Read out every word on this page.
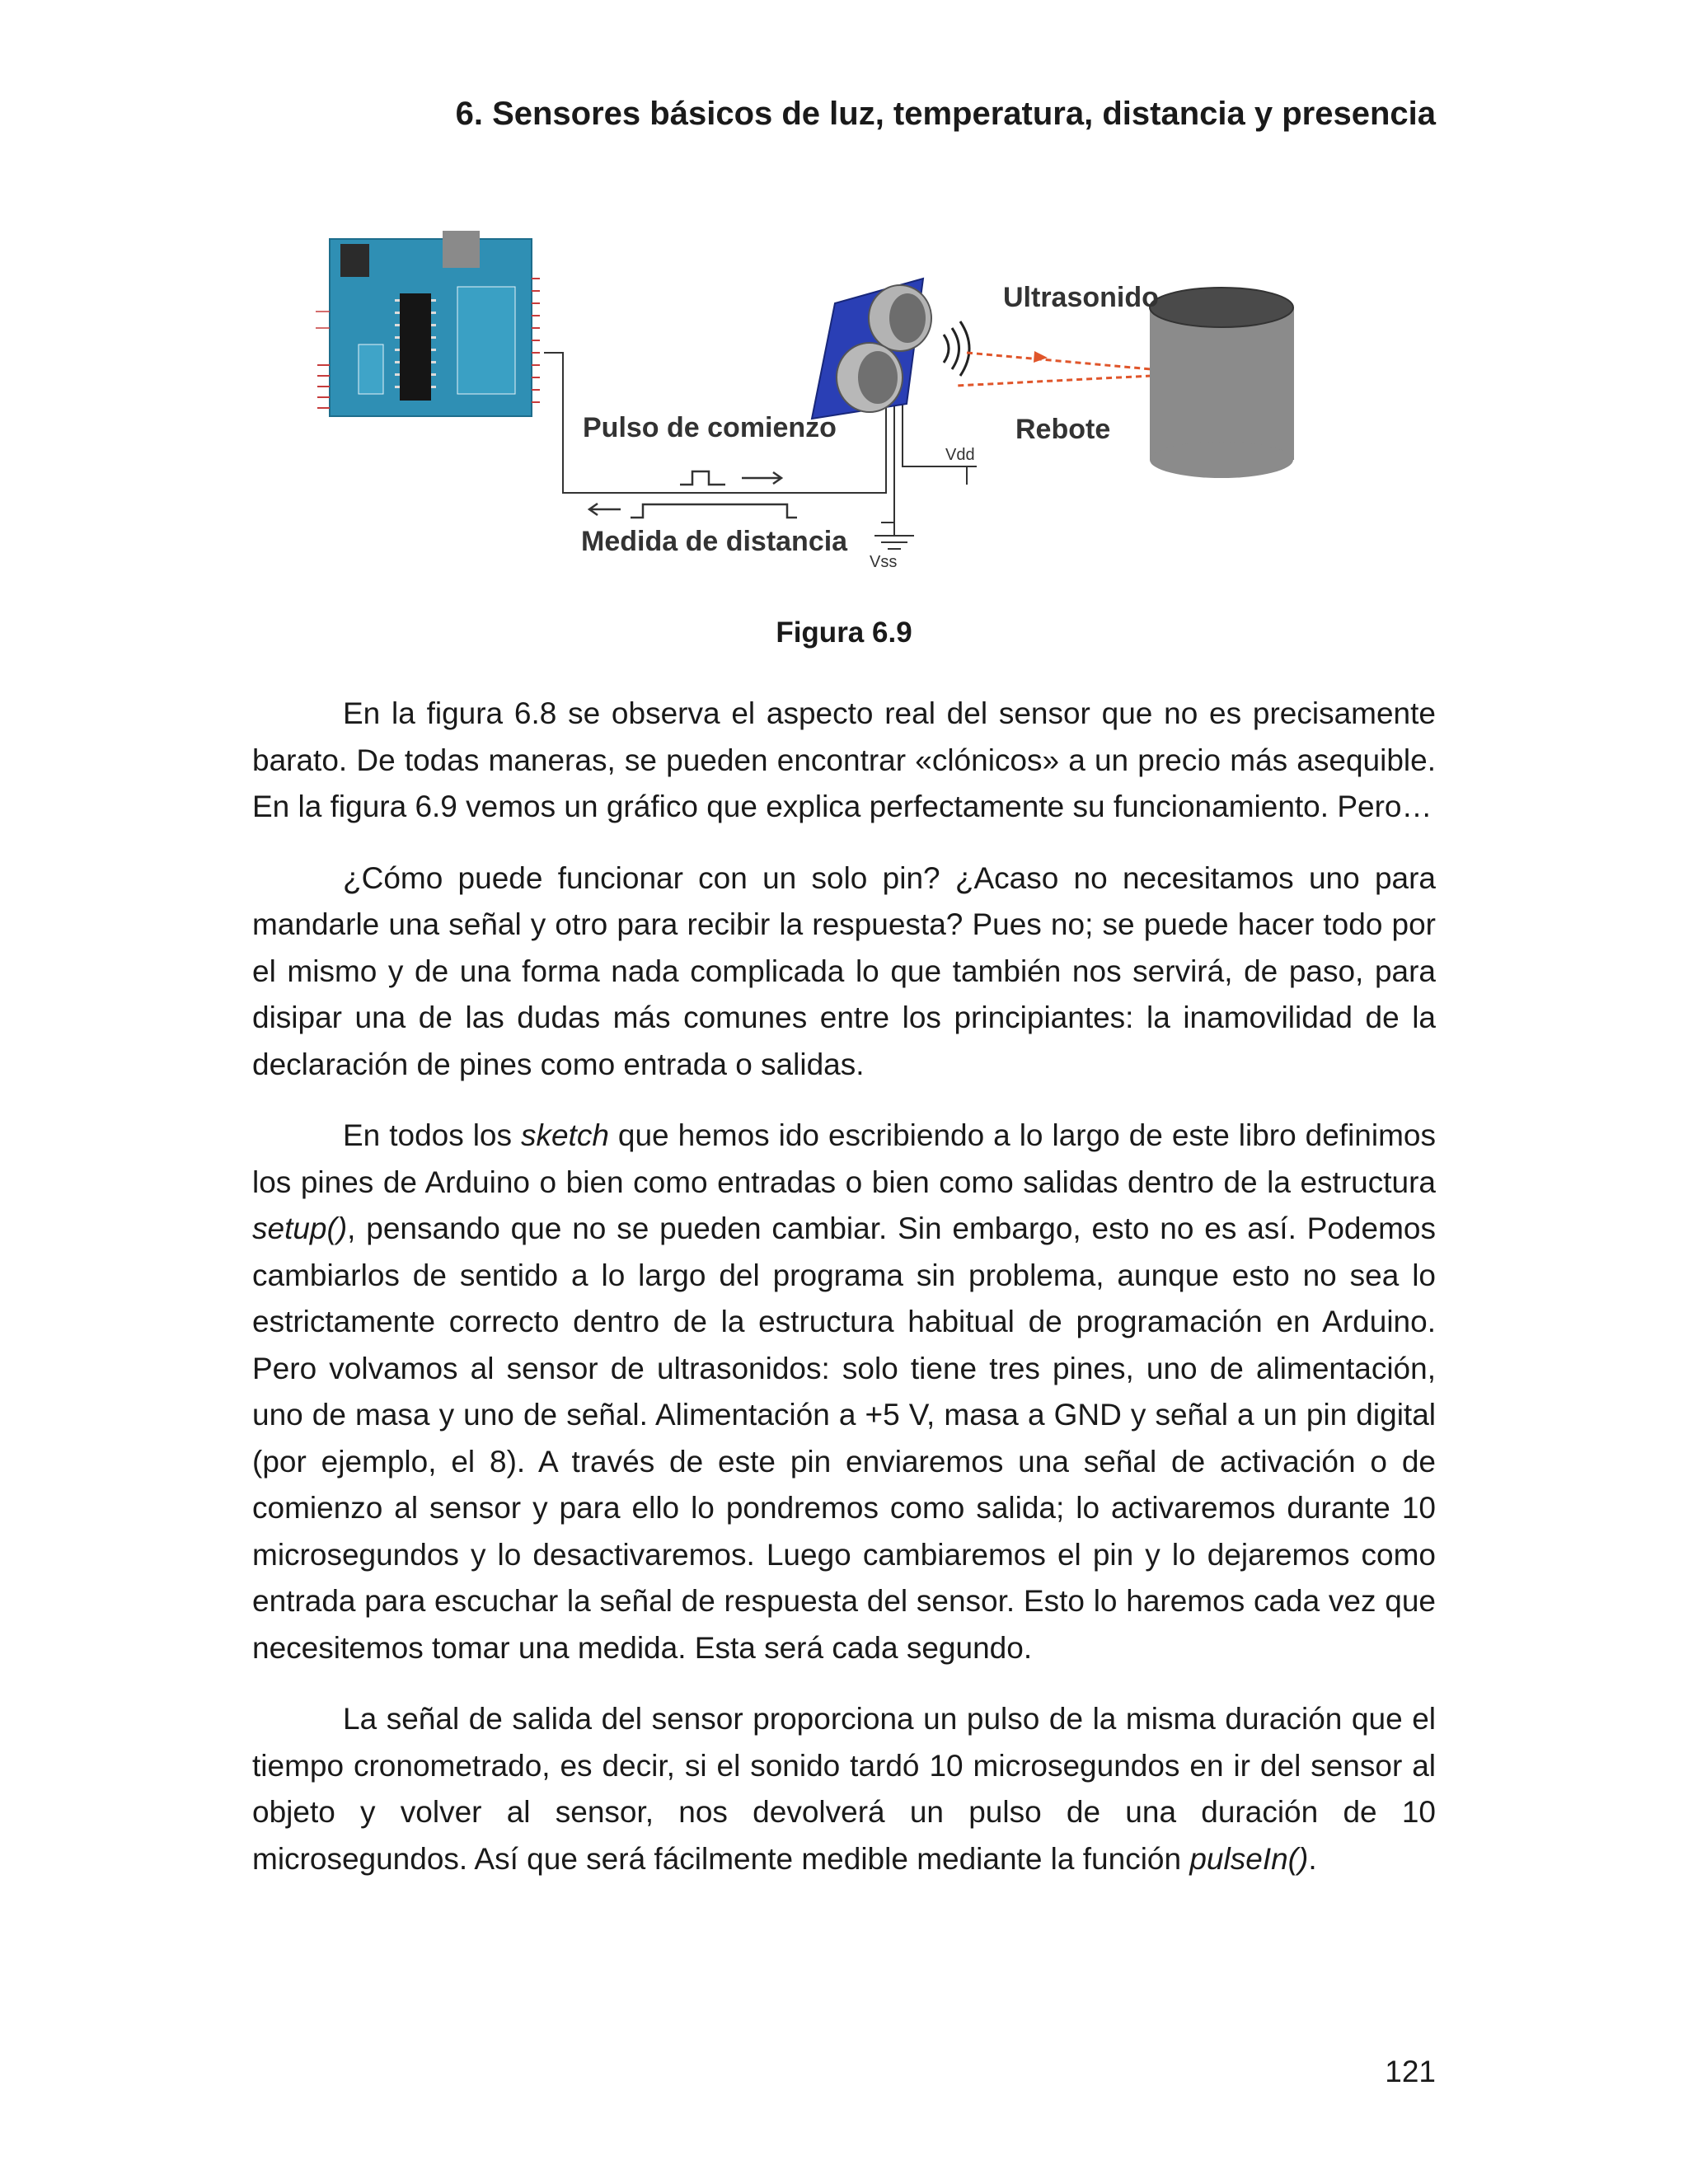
6. Sensores básicos de luz, temperatura, distancia y presencia
Ultrasonido
Pulso de comienzo	Rebote
Vdd
Medida de distancia
Vss
Figura 6.9

En la figura 6.8 se observa el aspecto real del sensor que no es precisamente barato. De todas maneras, se pueden encontrar «clónicos» a un precio más asequible. En la figura 6.9 vemos un gráfico que explica perfectamente su funcionamiento. Pero…

¿Cómo puede funcionar con un solo pin? ¿Acaso no necesitamos uno para mandarle una señal y otro para recibir la respuesta? Pues no; se puede hacer todo por el mismo y de una forma nada complicada lo que también nos servirá, de paso, para disipar una de las dudas más comunes entre los principiantes: la inamovilidad de la declaración de pines como entrada o salidas.

En todos los sketch que hemos ido escribiendo a lo largo de este libro definimos los pines de Arduino o bien como entradas o bien como salidas dentro de la estructura setup(), pensando que no se pueden cambiar. Sin embargo, esto no es así. Podemos cambiarlos de sentido a lo largo del programa sin problema, aunque esto no sea lo estrictamente correcto dentro de la estructura habitual de programación en Arduino. Pero volvamos al sensor de ultrasonidos: solo tiene tres pines, uno de alimentación, uno de masa y uno de señal. Alimentación a +5 V, masa a GND y señal a un pin digital (por ejemplo, el 8). A través de este pin enviaremos una señal de activación o de comienzo al sensor y para ello lo pondremos como salida; lo activaremos durante 10 microsegundos y lo desactivaremos. Luego cambiaremos el pin y lo dejaremos como entrada para escuchar la señal de respuesta del sensor. Esto lo haremos cada vez que necesitemos tomar una medida. Esta será cada segundo.

La señal de salida del sensor proporciona un pulso de la misma duración que el tiempo cronometrado, es decir, si el sonido tardó 10 microsegundos en ir del sensor al objeto y volver al sensor, nos devolverá un pulso de una duración de 10 microsegundos. Así que será fácilmente medible mediante la función pulseIn().

121
